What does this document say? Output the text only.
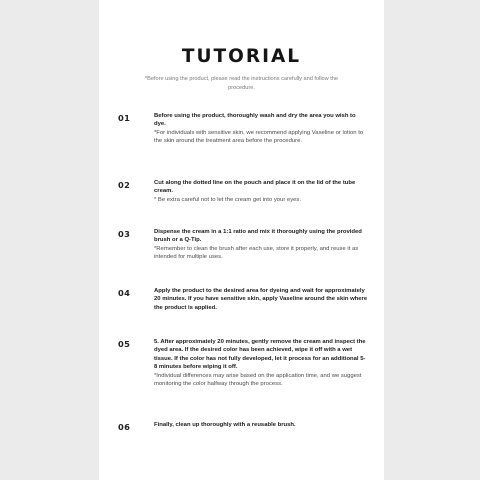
TUTORIAL
*Before using the product, please read the instructions carefully and follow the procedure.
01	Before using the product, thoroughly wash and dry the area you wish to dye.
*For individuals with sensitive skin, we recommend applying Vaseline or lotion to the skin around the treatment area before the procedure.
02	Cut along the dotted line on the pouch and place it on the lid of the tube cream.
* Be extra careful not to let the cream get into your eyes.
03	Dispense the cream in a 1:1 ratio and mix it thoroughly using the provided brush or a Q-Tip.
*Remember to clean the brush after each use, store it properly, and reuse it as intended for multiple uses.
04	Apply the product to the desired area for dyeing and wait for approximately 20 minutes. If you have sensitive skin, apply Vaseline around the skin where the product is applied.
05	5. After approximately 20 minutes, gently remove the cream and inspect the dyed area. If the desired color has been achieved, wipe it off with a wet tissue. If the color has not fully developed, let it process for an additional 5-8 minutes before wiping it off.
*Individual differences may arise based on the application time, and we suggest monitoring the color halfway through the process.
06	Finally, clean up thoroughly with a reusable brush.
